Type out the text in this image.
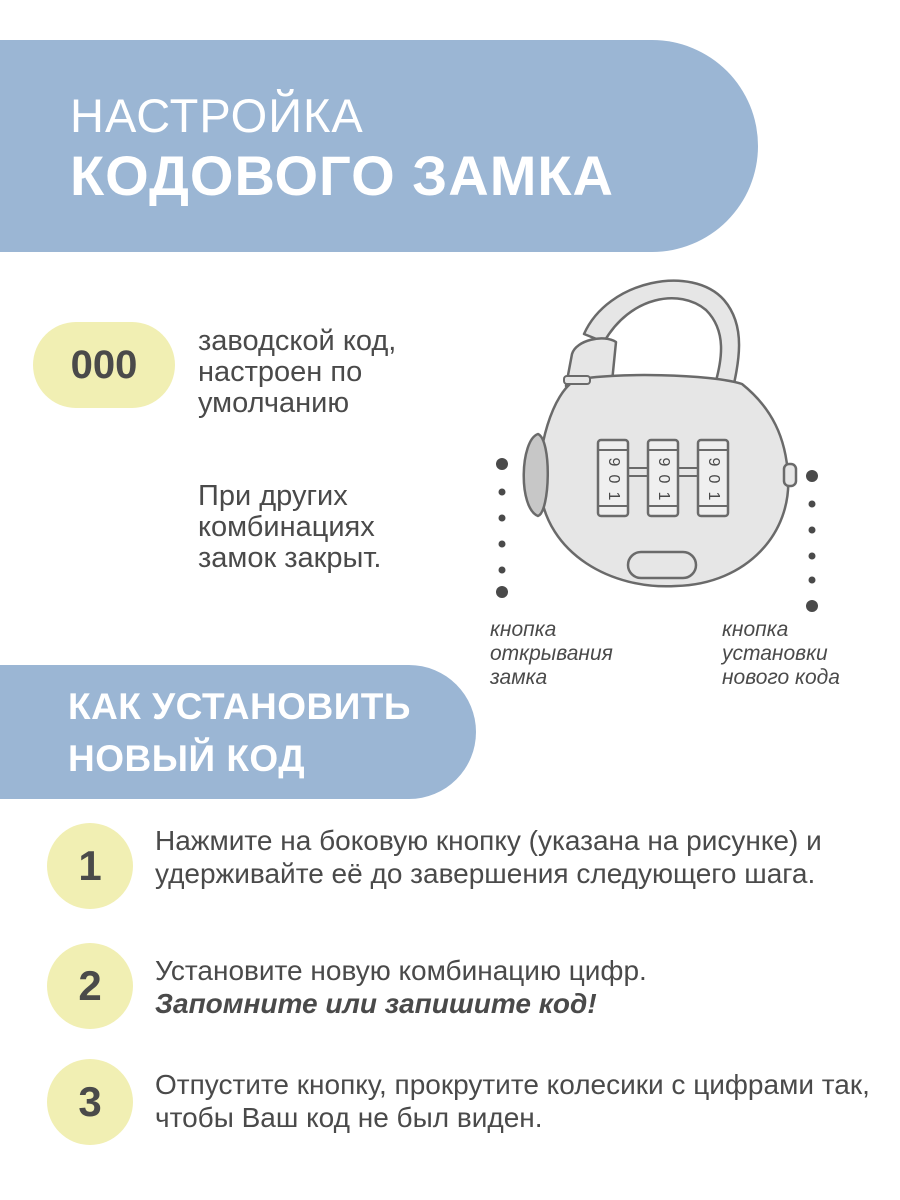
НАСТРОЙКА
КОДОВОГО ЗАМКА
000
заводской код,
настроен по
умолчанию
При других
комбинациях
замок закрыт.
9
0
1
9
0
1
9
0
1
кнопка
открывания
замка
кнопка
установки
нового кода
КАК УСТАНОВИТЬ
НОВЫЙ КОД
1
Нажмите на боковую кнопку (указана на рисунке) и удерживайте её до завершения следующего шага.
2	Установите новую комбинацию цифр.
Запомните или запишите код!
3	Отпустите кнопку, прокрутите колесики с цифрами так, чтобы Ваш код не был виден.
